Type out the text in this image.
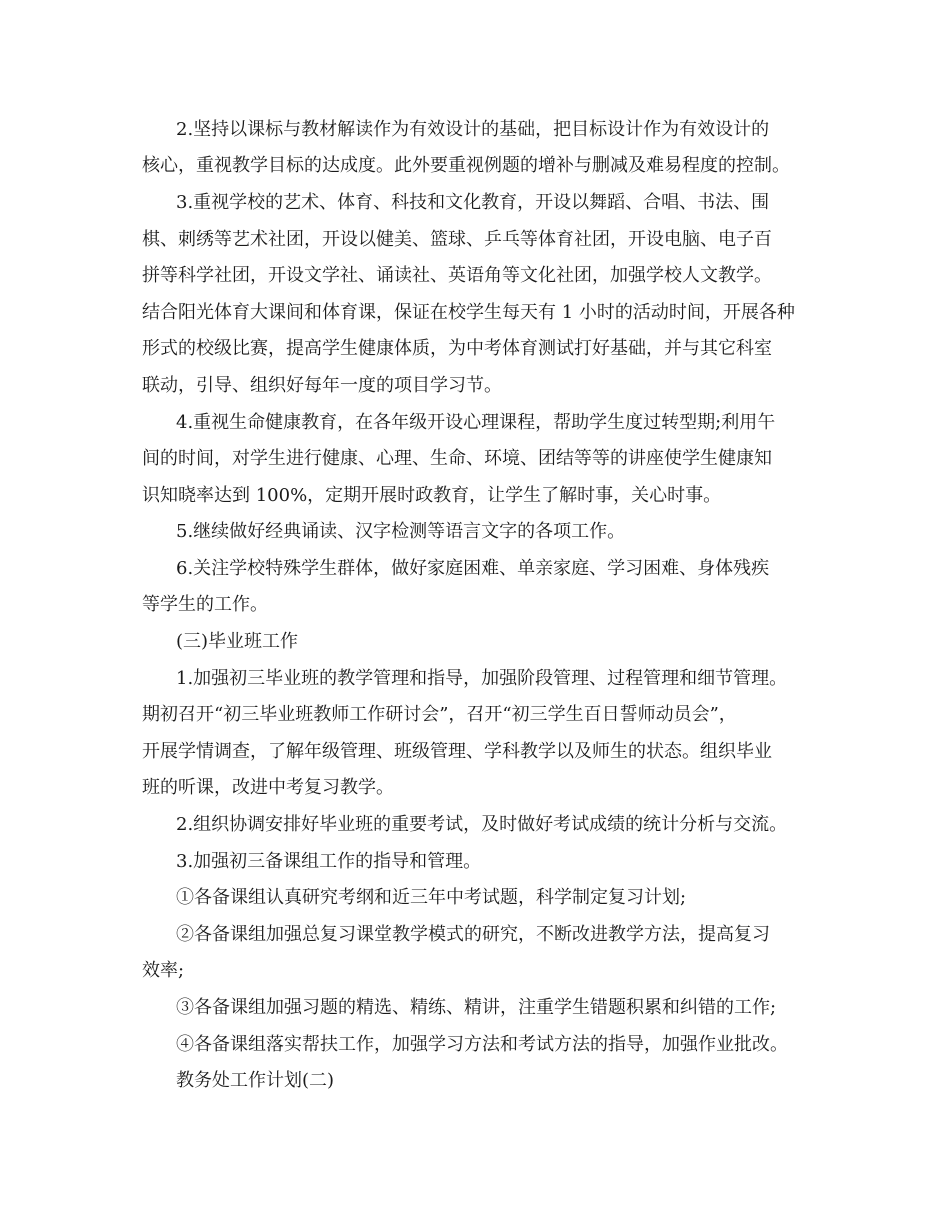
2.坚持以课标与教材解读作为有效设计的基础，把目标设计作为有效设计的
核心，重视教学目标的达成度。此外要重视例题的增补与删减及难易程度的控制。
3.重视学校的艺术、体育、科技和文化教育，开设以舞蹈、合唱、书法、围
棋、刺绣等艺术社团，开设以健美、篮球、乒乓等体育社团，开设电脑、电子百
拼等科学社团，开设文学社、诵读社、英语角等文化社团，加强学校人文教学。
结合阳光体育大课间和体育课，保证在校学生每天有 1 小时的活动时间，开展各种
形式的校级比赛，提高学生健康体质，为中考体育测试打好基础，并与其它科室
联动，引导、组织好每年一度的项目学习节。
4.重视生命健康教育，在各年级开设心理课程，帮助学生度过转型期;利用午
间的时间，对学生进行健康、心理、生命、环境、团结等等的讲座使学生健康知
识知晓率达到 100%，定期开展时政教育，让学生了解时事，关心时事。
5.继续做好经典诵读、汉字检测等语言文字的各项工作。
6.关注学校特殊学生群体，做好家庭困难、单亲家庭、学习困难、身体残疾
等学生的工作。
(三)毕业班工作
1.加强初三毕业班的教学管理和指导，加强阶段管理、过程管理和细节管理。
期初召开“初三毕业班教师工作研讨会”，召开“初三学生百日誓师动员会”，
开展学情调查，了解年级管理、班级管理、学科教学以及师生的状态。组织毕业
班的听课，改进中考复习教学。
2.组织协调安排好毕业班的重要考试，及时做好考试成绩的统计分析与交流。
3.加强初三备课组工作的指导和管理。
①各备课组认真研究考纲和近三年中考试题，科学制定复习计划;
②各备课组加强总复习课堂教学模式的研究，不断改进教学方法，提高复习
效率;
③各备课组加强习题的精选、精练、精讲，注重学生错题积累和纠错的工作;
④各备课组落实帮扶工作，加强学习方法和考试方法的指导，加强作业批改。
教务处工作计划(二)
